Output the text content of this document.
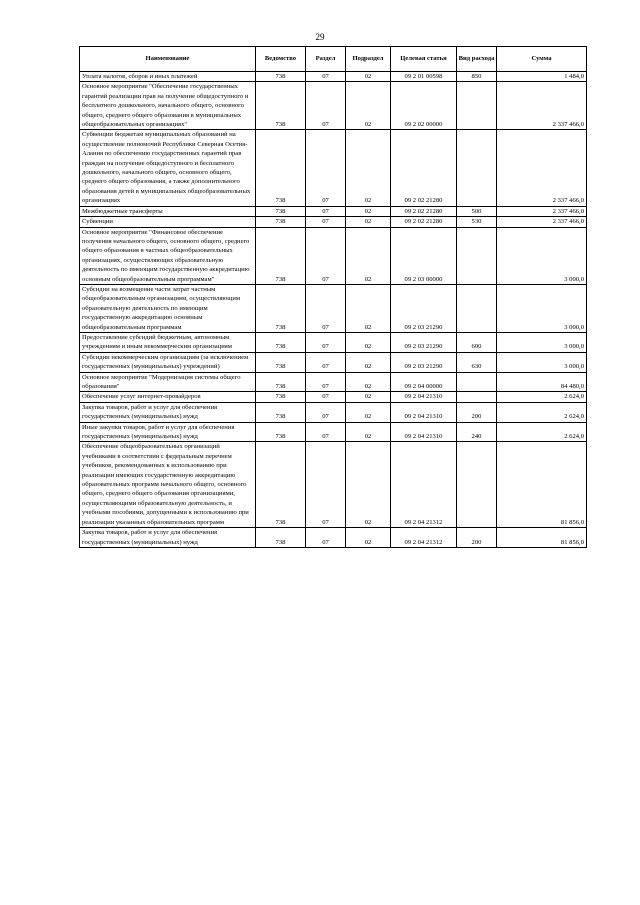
29
Наименование	Ведомство	Раздел	Подраздел	Целевая статья	Вид расхода	Сумма
Уплата налогов, сборов и иных платежей	738	07	02	09 2 01 00598	850	1 484,0
Основное мероприятие "Обеспечение государственных гарантий реализации прав на получение общедоступного и бесплатного дошкольного, начального общего, основного общего, среднего общего образования в муниципальных общеобразовательных организациях"	738	07	02	09 2 02 00000		2 337 466,0
Субвенции бюджетам муниципальных образований на осуществление полномочий Республики Северная Осетия-Алания по обеспечению государственных гарантий прав граждан на получение общедоступного и бесплатного дошкольного, начального общего, основного общего, среднего общего образования, а также дополнительного образования детей в муниципальных общеобразовательных организациях	738	07	02	09 2 02 21280		2 337 466,0
Межбюджетные трансферты	738	07	02	09 2 02 21280	500	2 337 466,0
Субвенции	738	07	02	09 2 02 21280	530	2 337 466,0
Основное мероприятие "Финансовое обеспечение получения начального общего, основного общего, среднего общего образования в частных общеобразовательных организациях, осуществляющих образовательную деятельность по имеющим государственную аккредитацию основным общеобразовательным программам"	738	07	02	09 2 03 00000		3 000,0
Субсидии на возмещение части затрат частным общеобразовательным организациям, осуществляющим образовательную деятельность по имеющим государственную аккредитацию основным общеобразовательным программам	738	07	02	09 2 03 21290		3 000,0
Предоставление субсидий бюджетным, автономным учреждениям и иным некоммерческим организациям	738	07	02	09 2 03 21290	600	3 000,0
Субсидии некоммерческим организациям (за исключением государственных (муниципальных) учреждений)	738	07	02	09 2 03 21290	630	3 000,0
Основное мероприятие "Модернизация системы общего образования"	738	07	02	09 2 04 00000		84 480,0
Обеспечение услуг интернет-провайдеров	738	07	02	09 2 04 21310		2 624,0
Закупка товаров, работ и услуг для обеспечения государственных (муниципальных) нужд	738	07	02	09 2 04 21310	200	2 624,0
Иные закупки товаров, работ и услуг для обеспечения государственных (муниципальных) нужд	738	07	02	09 2 04 21310	240	2 624,0
Обеспечение общеобразовательных организаций учебниками в соответствии с федеральным перечнем учебников, рекомендованных к использованию при реализации имеющих государственную аккредитацию образовательных программ начального общего, основного общего, среднего общего образования организациями, осуществляющими образовательную деятельность, и учебными пособиями, допущенными к использованию при реализации указанных образовательных программ	738	07	02	09 2 04 21312		81 856,0
Закупка товаров, работ и услуг для обеспечения государственных (муниципальных) нужд	738	07	02	09 2 04 21312	200	81 856,0
